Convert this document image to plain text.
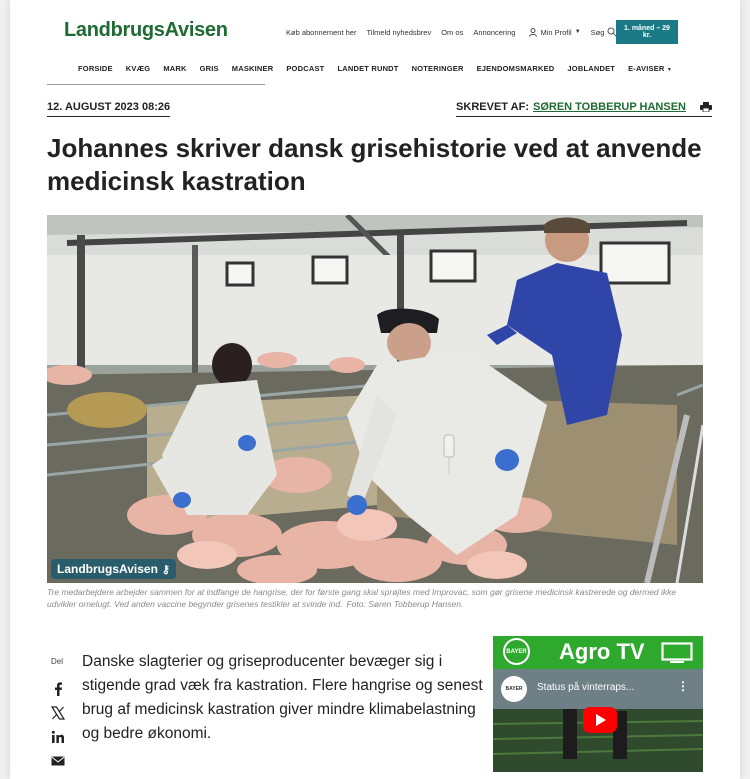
LandbrugsAvisen	Køb abonnement her Tilmeld nyhedsbrev Om os Annoncering	Min Profil ▼ Søg	1. måned – 29 kr.
FORSIDE KVÆG MARK GRIS MASKINER PODCAST LANDET RUNDT NOTERINGER EJENDOMSMARKED JOBLANDET E-AVISER ▼
12. AUGUST 2023 08:26	SKREVET AF: SØREN TOBBERUP HANSEN
Johannes skriver dansk grisehistorie ved at anvende medicinsk kastration
LandbrugsAvisen ⚷
Tre medarbejdere arbejder sammen for at indfange de hangrise, der for første gang skal sprøjtes med Improvac, som gør grisene medicinsk kastrerede og dermed ikke udvikler ornelugt. Ved anden vaccine begynder grisenes testikler at svinde ind. Foto: Søren Tobberup Hansen.
Del	Danske slagterier og griseproducenter bevæger sig i stigende grad væk fra kastration. Flere hangrise og senest brug af medicinsk kastration giver mindre klimabelastning og bedre økonomi.

BAYER Agro TV
BAYER Status på vinterraps...	⋮
